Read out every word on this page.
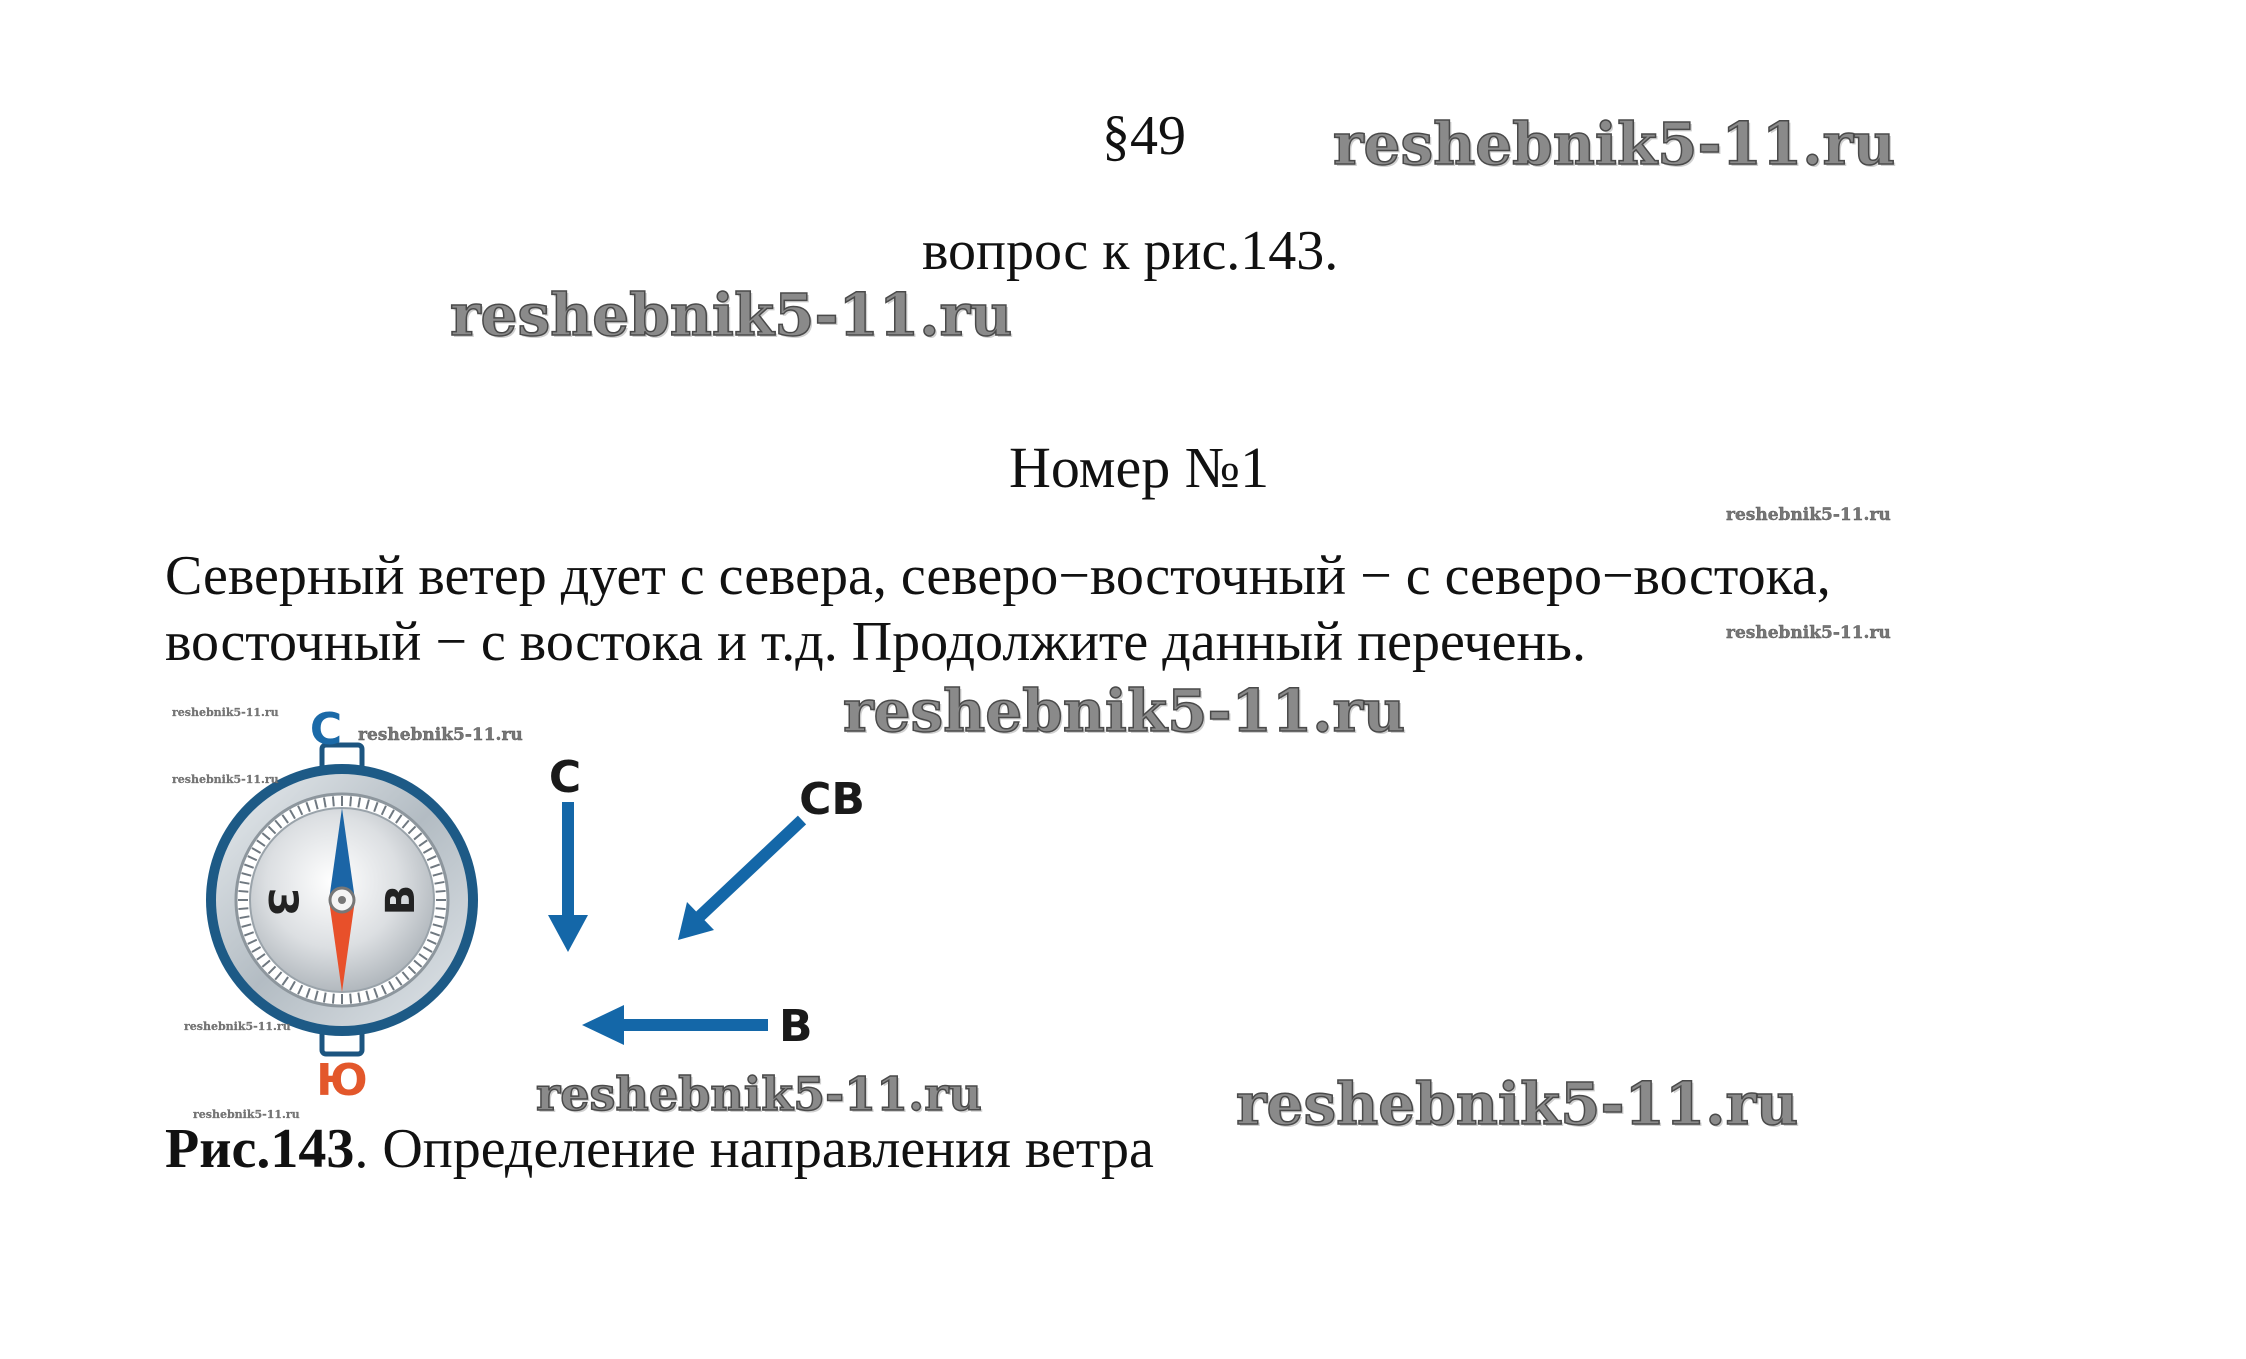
§49
вопрос к рис.143.
Номер №1
Северный ветер дует с севера, северо−восточный − с северо−востока,
восточный − с востока и т.д. Продолжите данный перечень.
З В
С
Ю
С	СВ
В
Рис.143. Определение направления ветра
reshebnik5-11.ru
reshebnik5-11.ru
reshebnik5-11.ru
reshebnik5-11.ru
reshebnik5-11.ru
reshebnik5-11.ru
reshebnik5-11.ru
reshebnik5-11.ru
reshebnik5-11.ru
reshebnik5-11.ru
reshebnik5-11.ru
reshebnik5-11.ru
